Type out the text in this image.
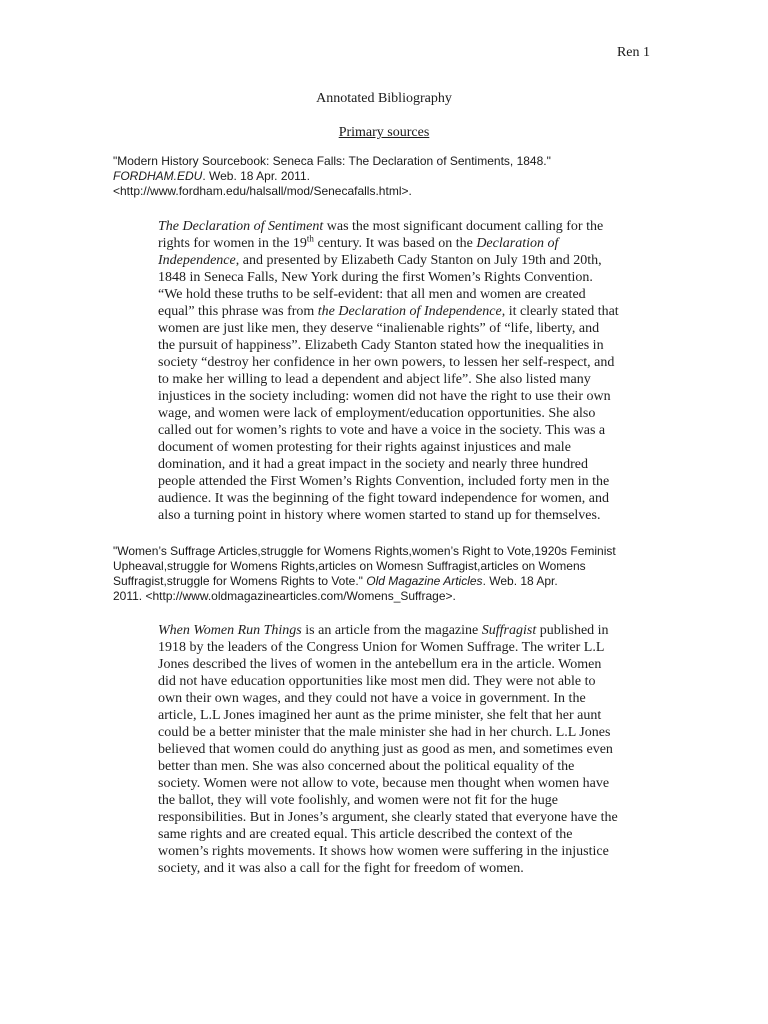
Ren 1
Annotated Bibliography
Primary sources
"Modern History Sourcebook: Seneca Falls: The Declaration of Sentiments, 1848."
FORDHAM.EDU. Web. 18 Apr. 2011.
<http://www.fordham.edu/halsall/mod/Senecafalls.html>.
The Declaration of Sentiment was the most significant document calling for the
rights for women in the 19th century. It was based on the Declaration of
Independence, and presented by Elizabeth Cady Stanton on July 19th and 20th,
1848 in Seneca Falls, New York during the first Women’s Rights Convention.
“We hold these truths to be self-evident: that all men and women are created
equal” this phrase was from the Declaration of Independence, it clearly stated that
women are just like men, they deserve “inalienable rights” of “life, liberty, and
the pursuit of happiness”. Elizabeth Cady Stanton stated how the inequalities in
society “destroy her confidence in her own powers, to lessen her self-respect, and
to make her willing to lead a dependent and abject life”. She also listed many
injustices in the society including: women did not have the right to use their own
wage, and women were lack of employment/education opportunities. She also
called out for women’s rights to vote and have a voice in the society. This was a
document of women protesting for their rights against injustices and male
domination, and it had a great impact in the society and nearly three hundred
people attended the First Women’s Rights Convention, included forty men in the
audience. It was the beginning of the fight toward independence for women, and
also a turning point in history where women started to stand up for themselves.
"Women’s Suffrage Articles,struggle for Womens Rights,women’s Right to Vote,1920s Feminist
Upheaval,struggle for Womens Rights,articles on Womesn Suffragist,articles on Womens
Suffragist,struggle for Womens Rights to Vote." Old Magazine Articles. Web. 18 Apr.
2011. <http://www.oldmagazinearticles.com/Womens_Suffrage>.
When Women Run Things is an article from the magazine Suffragist published in
1918 by the leaders of the Congress Union for Women Suffrage. The writer L.L
Jones described the lives of women in the antebellum era in the article. Women
did not have education opportunities like most men did. They were not able to
own their own wages, and they could not have a voice in government. In the
article, L.L Jones imagined her aunt as the prime minister, she felt that her aunt
could be a better minister that the male minister she had in her church. L.L Jones
believed that women could do anything just as good as men, and sometimes even
better than men. She was also concerned about the political equality of the
society. Women were not allow to vote, because men thought when women have
the ballot, they will vote foolishly, and women were not fit for the huge
responsibilities. But in Jones’s argument, she clearly stated that everyone have the
same rights and are created equal. This article described the context of the
women’s rights movements. It shows how women were suffering in the injustice
society, and it was also a call for the fight for freedom of women.
